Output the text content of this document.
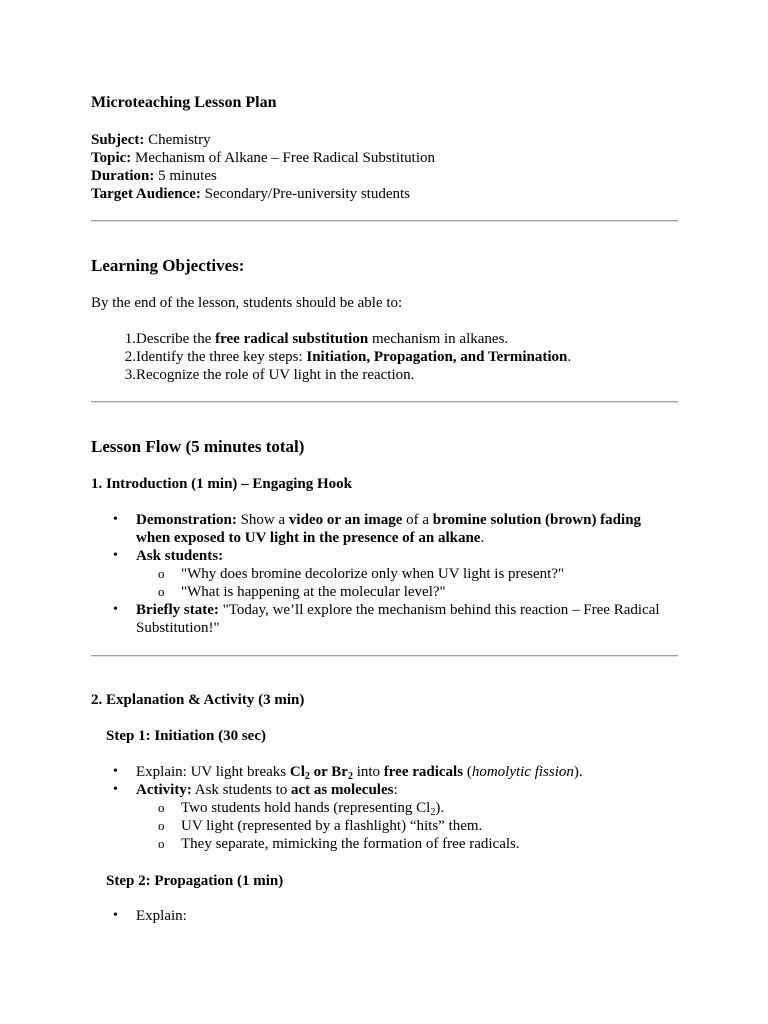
Microteaching Lesson Plan
Subject: Chemistry
Topic: Mechanism of Alkane – Free Radical Substitution
Duration: 5 minutes
Target Audience: Secondary/Pre-university students
Learning Objectives:
By the end of the lesson, students should be able to:
1.Describe the free radical substitution mechanism in alkanes.
2.Identify the three key steps: Initiation, Propagation, and Termination.
3.Recognize the role of UV light in the reaction.
Lesson Flow (5 minutes total)
1. Introduction (1 min) – Engaging Hook
• Demonstration: Show a video or an image of a bromine solution (brown) fading
when exposed to UV light in the presence of an alkane.
• Ask students:
o "Why does bromine decolorize only when UV light is present?"
o "What is happening at the molecular level?"
• Briefly state: "Today, we’ll explore the mechanism behind this reaction – Free Radical
Substitution!"
2. Explanation & Activity (3 min)
Step 1: Initiation (30 sec)
• Explain: UV light breaks $Cl_2$ or $Br_2$ into free radicals (homolytic fission).
• Activity: Ask students to act as molecules:
o Two students hold hands (representing $Cl_2$).
o UV light (represented by a flashlight) “hits” them.
o They separate, mimicking the formation of free radicals.
Step 2: Propagation (1 min)
• Explain:
